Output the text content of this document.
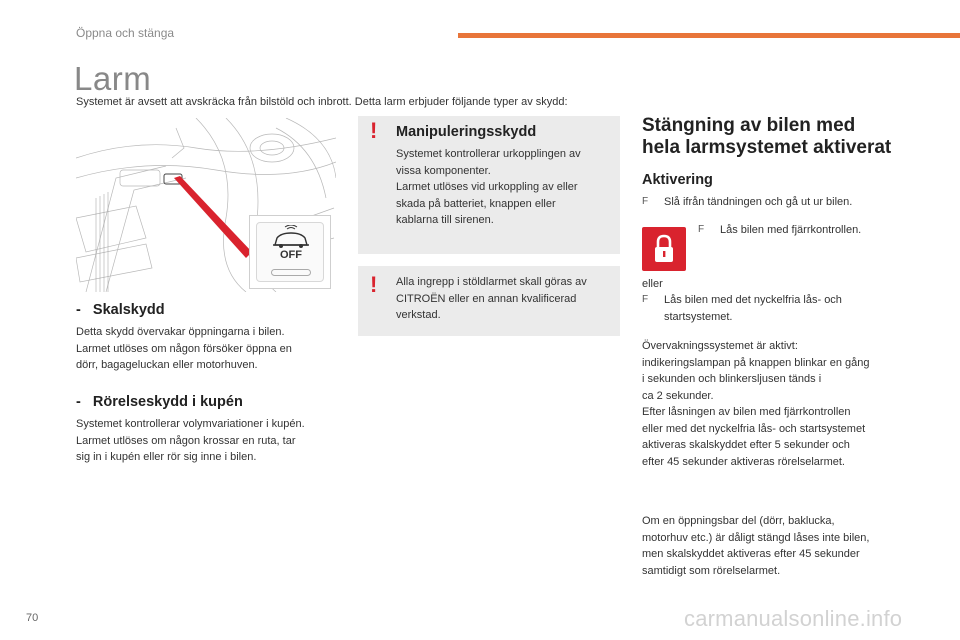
Öppna och stänga
Larm
Systemet är avsett att avskräcka från bilstöld och inbrott. Detta larm erbjuder följande typer av skydd:
OFF
-   Skalskydd
Detta skydd övervakar öppningarna i bilen.
Larmet utlöses om någon försöker öppna en
dörr, bagageluckan eller motorhuven.
-   Rörelseskydd i kupén
Systemet kontrollerar volymvariationer i kupén.
Larmet utlöses om någon krossar en ruta, tar
sig in i kupén eller rör sig inne i bilen.
! Manipuleringsskydd
Systemet kontrollerar urkopplingen av
vissa komponenter.
Larmet utlöses vid urkoppling av eller
skada på batteriet, knappen eller
kablarna till sirenen.
! Alla ingrepp i stöldlarmet skall göras av
CITROËN eller en annan kvalificerad
verkstad.
Stängning av bilen med
hela larmsystemet aktiverat
Aktivering
F Slå ifrån tändningen och gå ut ur bilen.
F Lås bilen med fjärrkontrollen.
eller
F Lås bilen med det nyckelfria lås- och
startsystemet.
Övervakningssystemet är aktivt:
indikeringslampan på knappen blinkar en gång
i sekunden och blinkersljusen tänds i
ca 2 sekunder.
Efter låsningen av bilen med fjärrkontrollen
eller med det nyckelfria lås- och startsystemet
aktiveras skalskyddet efter 5 sekunder och
efter 45 sekunder aktiveras rörelselarmet.
Om en öppningsbar del (dörr, baklucka,
motorhuv etc.) är dåligt stängd låses inte bilen,
men skalskyddet aktiveras efter 45 sekunder
samtidigt som rörelselarmet.
70	carmanualsonline.info
